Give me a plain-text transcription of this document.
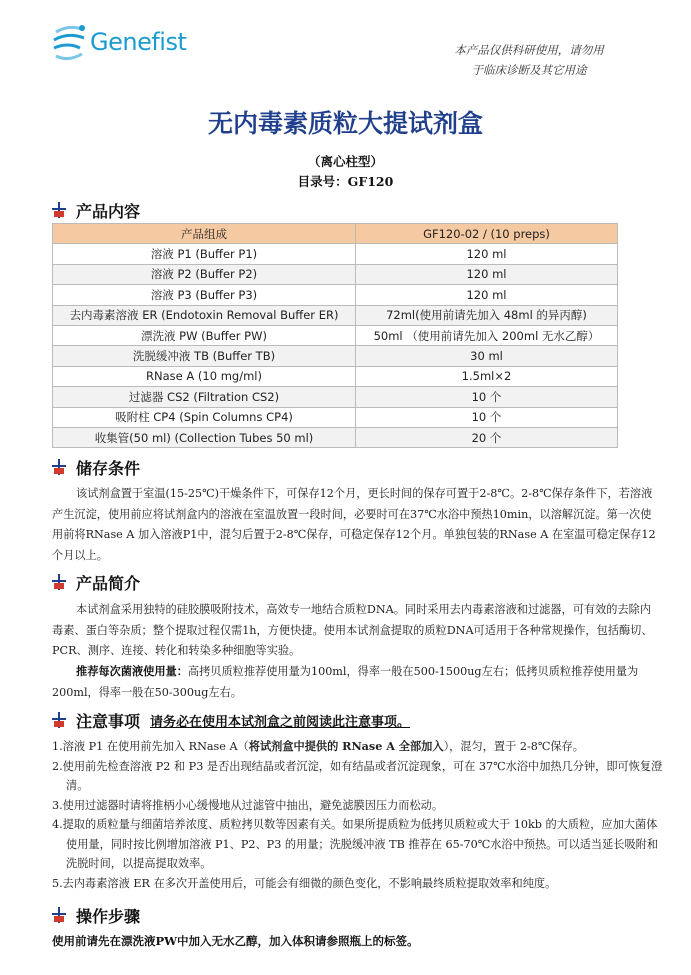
Genefist	本产品仅供科研使用，请勿用
于临床诊断及其它用途
无内毒素质粒大提试剂盒
（离心柱型）
目录号：GF120
产品内容
产品组成	GF120-02 / (10 preps)
溶液 P1 (Buffer P1)	120 ml
溶液 P2 (Buffer P2)	120 ml
溶液 P3 (Buffer P3)	120 ml
去内毒素溶液 ER (Endotoxin Removal Buffer ER)	72ml(使用前请先加入 48ml 的异丙醇)
漂洗液 PW (Buffer PW)	50ml （使用前请先加入 200ml 无水乙醇）
洗脱缓冲液 TB (Buffer TB)	30 ml
RNase A (10 mg/ml)	1.5ml×2
过滤器 CS2 (Filtration CS2)	10 个
吸附柱 CP4 (Spin Columns CP4)	10 个
收集管(50 ml) (Collection Tubes 50 ml)	20 个
储存条件
该试剂盒置于室温(15-25℃)干燥条件下，可保存12个月，更长时间的保存可置于2-8℃。2-8℃保存条件下，若溶液产生沉淀，使用前应将试剂盒内的溶液在室温放置一段时间，必要时可在37℃水浴中预热10min，以溶解沉淀。第一次使用前将RNase A 加入溶液P1中，混匀后置于2-8℃保存，可稳定保存12个月。单独包装的RNase A 在室温可稳定保存12个月以上。
产品简介
本试剂盒采用独特的硅胶膜吸附技术，高效专一地结合质粒DNA。同时采用去内毒素溶液和过滤器，可有效的去除内毒素、蛋白等杂质；整个提取过程仅需1h，方便快捷。使用本试剂盒提取的质粒DNA可适用于各种常规操作，包括酶切、PCR、测序、连接、转化和转染多种细胞等实验。
推荐每次菌液使用量：高拷贝质粒推荐使用量为100ml，得率一般在500-1500ug左右；低拷贝质粒推荐使用量为200ml，得率一般在50-300ug左右。
注意事项 请务必在使用本试剂盒之前阅读此注意事项。
1.溶液 P1 在使用前先加入 RNase A（将试剂盒中提供的 RNase A 全部加入），混匀，置于 2-8℃保存。
2.使用前先检查溶液 P2 和 P3 是否出现结晶或者沉淀，如有结晶或者沉淀现象，可在 37℃水浴中加热几分钟，即可恢复澄清。
3.使用过滤器时请将推柄小心缓慢地从过滤管中抽出，避免滤膜因压力而松动。
4.提取的质粒量与细菌培养浓度、质粒拷贝数等因素有关。如果所提质粒为低拷贝质粒或大于 10kb 的大质粒，应加大菌体使用量，同时按比例增加溶液 P1、P2、P3 的用量；洗脱缓冲液 TB 推荐在 65-70℃水浴中预热。可以适当延长吸附和洗脱时间，以提高提取效率。
5.去内毒素溶液 ER 在多次开盖使用后，可能会有细微的颜色变化，不影响最终质粒提取效率和纯度。
操作步骤
使用前请先在漂洗液PW中加入无水乙醇，加入体积请参照瓶上的标签。
